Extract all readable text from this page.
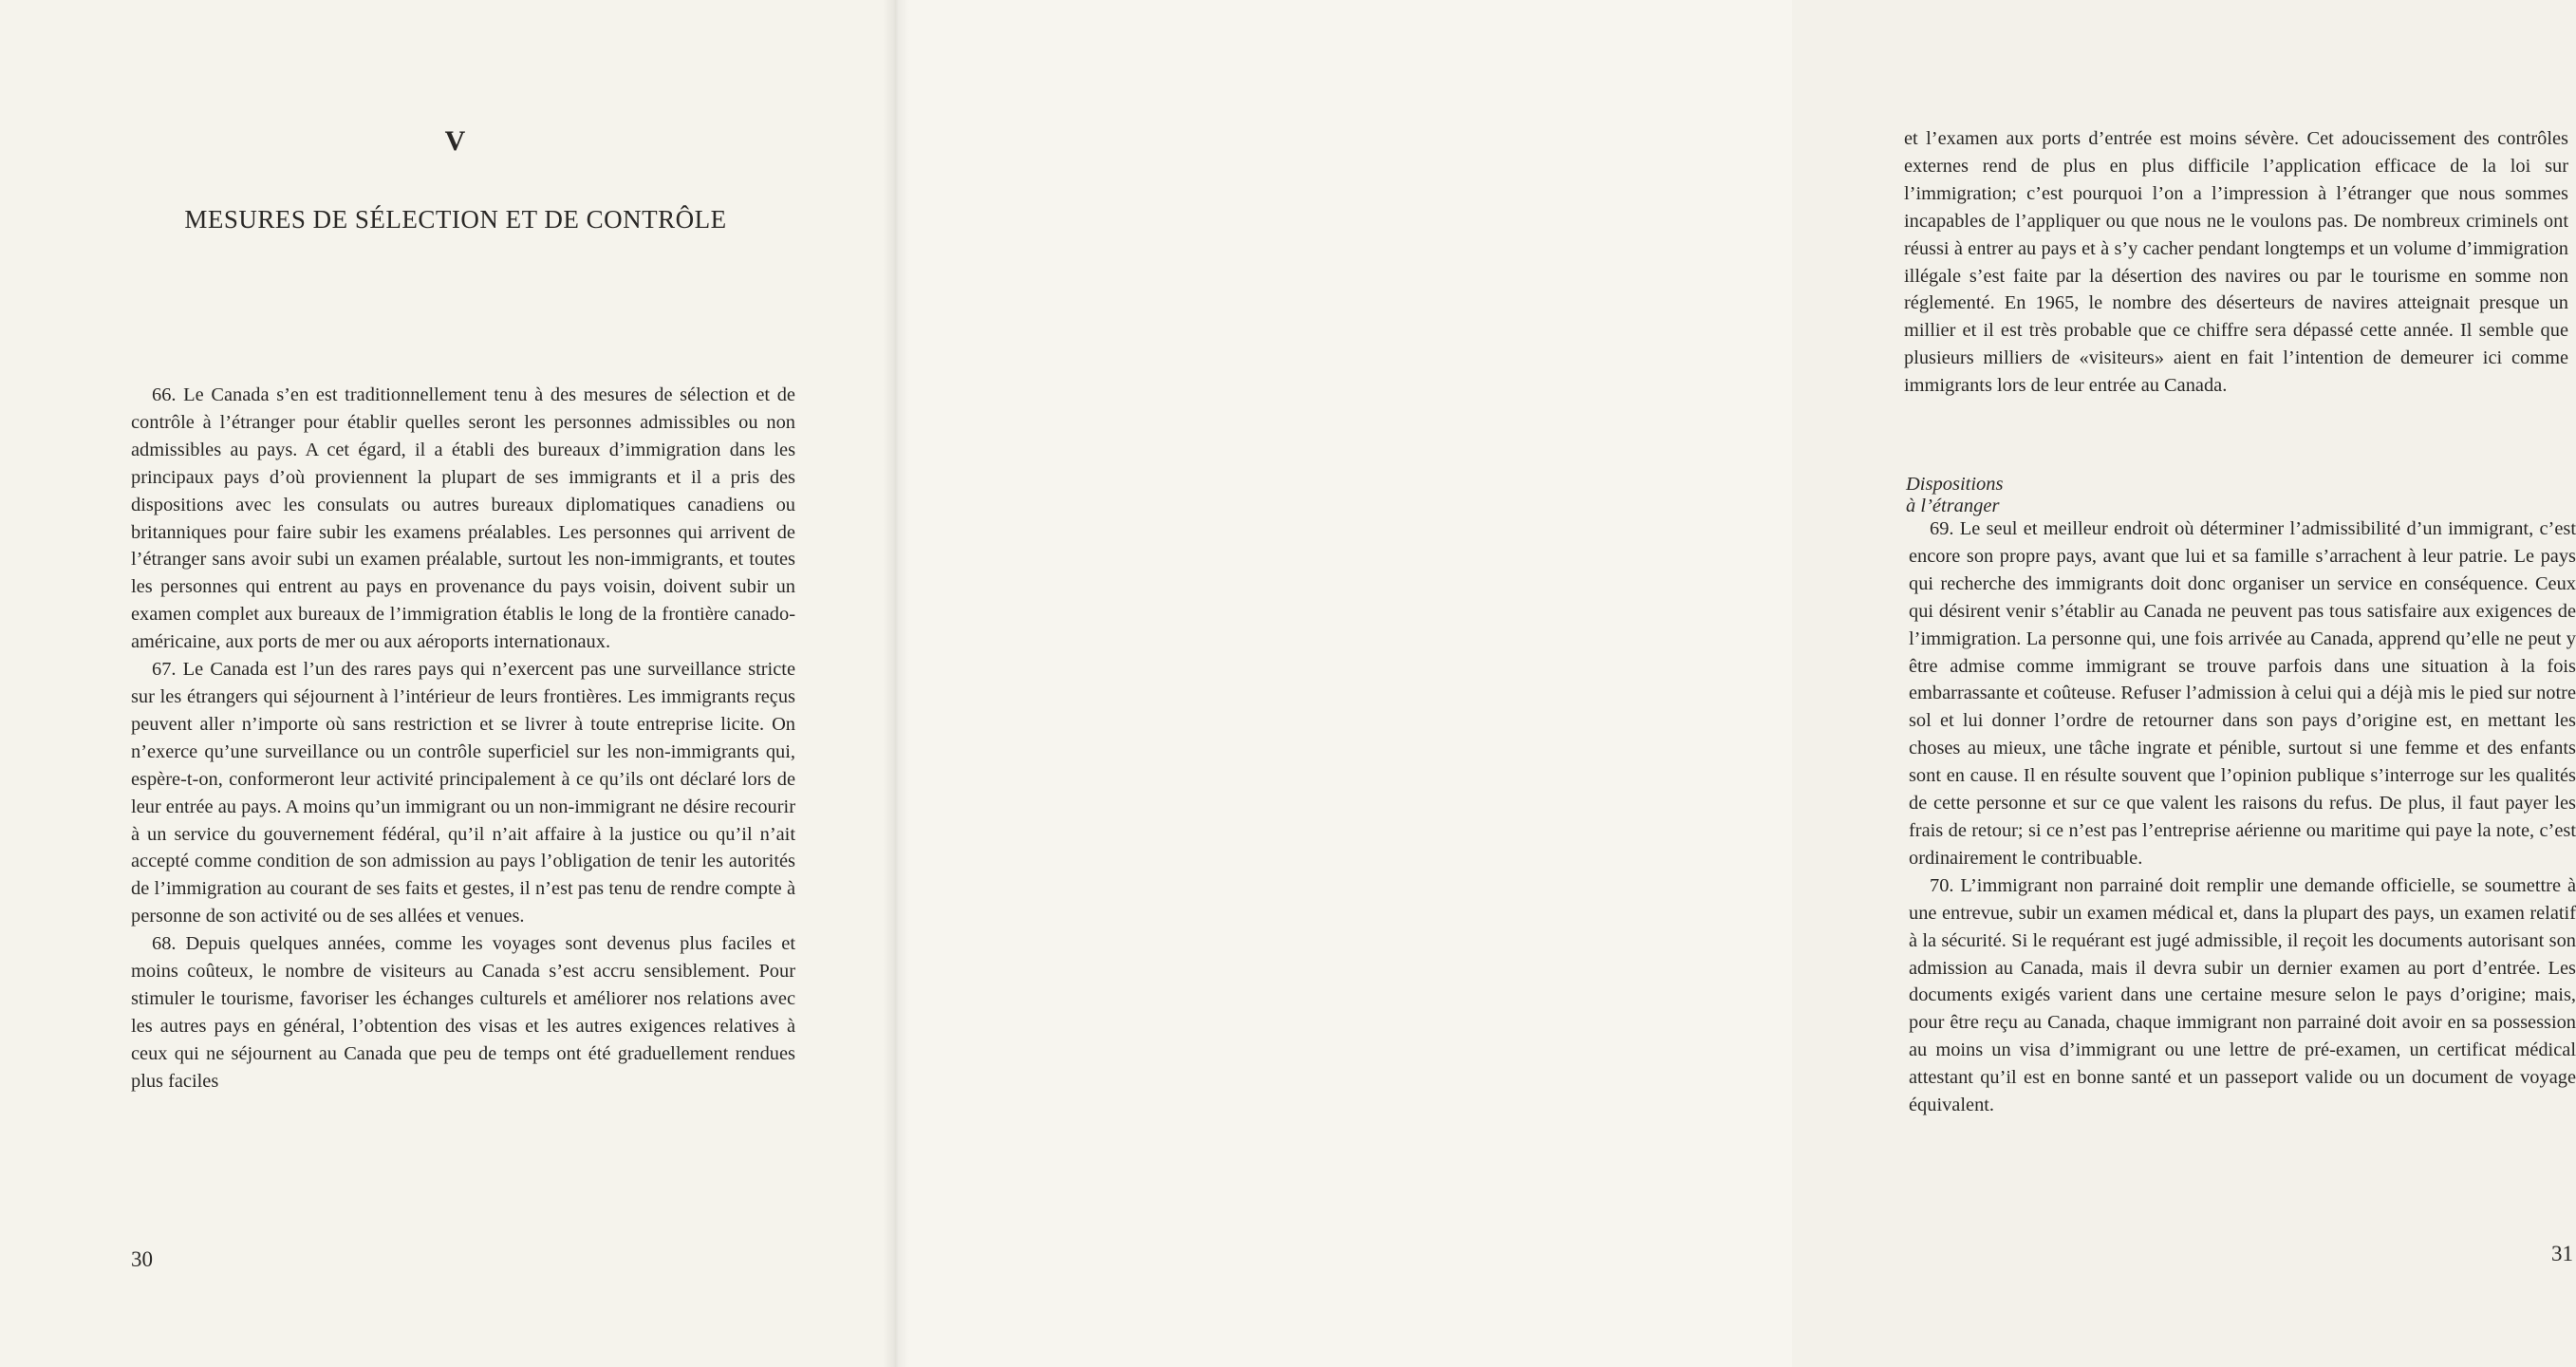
V
MESURES DE SÉLECTION ET DE CONTRÔLE

66. Le Canada s’en est traditionnellement tenu à des mesures de sélection et de contrôle à l’étranger pour établir quelles seront les personnes admissibles ou non admissibles au pays. A cet égard, il a établi des bureaux d’immigration dans les principaux pays d’où proviennent la plupart de ses immigrants et il a pris des dispositions avec les consulats ou autres bureaux diplomatiques canadiens ou britanniques pour faire subir les examens préalables. Les personnes qui arrivent de l’étranger sans avoir subi un examen préalable, surtout les non-immigrants, et toutes les personnes qui entrent au pays en provenance du pays voisin, doivent subir un examen complet aux bureaux de l’immigration établis le long de la frontière canado-américaine, aux ports de mer ou aux aéroports internationaux.

67. Le Canada est l’un des rares pays qui n’exercent pas une surveillance stricte sur les étrangers qui séjournent à l’intérieur de leurs frontières. Les immigrants reçus peuvent aller n’importe où sans restriction et se livrer à toute entreprise licite. On n’exerce qu’une surveillance ou un contrôle superficiel sur les non-immigrants qui, espère-t-on, conformeront leur activité principalement à ce qu’ils ont déclaré lors de leur entrée au pays. A moins qu’un immigrant ou un non-immigrant ne désire recourir à un service du gouvernement fédéral, qu’il n’ait affaire à la justice ou qu’il n’ait accepté comme condition de son admission au pays l’obligation de tenir les autorités de l’immigration au courant de ses faits et gestes, il n’est pas tenu de rendre compte à personne de son activité ou de ses allées et venues.

68. Depuis quelques années, comme les voyages sont devenus plus faciles et moins coûteux, le nombre de visiteurs au Canada s’est accru sensiblement. Pour stimuler le tourisme, favoriser les échanges culturels et améliorer nos relations avec les autres pays en général, l’obtention des visas et les autres exigences relatives à ceux qui ne séjournent au Canada que peu de temps ont été graduellement rendues plus faciles

30

et l’examen aux ports d’entrée est moins sévère. Cet adoucissement des contrôles externes rend de plus en plus difficile l’application efficace de la loi sur l’immigration; c’est pourquoi l’on a l’impression à l’étranger que nous sommes incapables de l’appliquer ou que nous ne le voulons pas. De nombreux criminels ont réussi à entrer au pays et à s’y cacher pendant longtemps et un volume d’immigration illégale s’est faite par la désertion des navires ou par le tourisme en somme non réglementé. En 1965, le nombre des déserteurs de navires atteignait presque un millier et il est très probable que ce chiffre sera dépassé cette année. Il semble que plusieurs milliers de «visiteurs» aient en fait l’intention de demeurer ici comme immigrants lors de leur entrée au Canada.

Dispositions à l’étranger

69. Le seul et meilleur endroit où déterminer l’admissibilité d’un immigrant, c’est encore son propre pays, avant que lui et sa famille s’arrachent à leur patrie. Le pays qui recherche des immigrants doit donc organiser un service en conséquence. Ceux qui désirent venir s’établir au Canada ne peuvent pas tous satisfaire aux exigences de l’immigration. La personne qui, une fois arrivée au Canada, apprend qu’elle ne peut y être admise comme immigrant se trouve parfois dans une situation à la fois embarrassante et coûteuse. Refuser l’admission à celui qui a déjà mis le pied sur notre sol et lui donner l’ordre de retourner dans son pays d’origine est, en mettant les choses au mieux, une tâche ingrate et pénible, surtout si une femme et des enfants sont en cause. Il en résulte souvent que l’opinion publique s’interroge sur les qualités de cette personne et sur ce que valent les raisons du refus. De plus, il faut payer les frais de retour; si ce n’est pas l’entreprise aérienne ou maritime qui paye la note, c’est ordinairement le contribuable.

70. L’immigrant non parrainé doit remplir une demande officielle, se soumettre à une entrevue, subir un examen médical et, dans la plupart des pays, un examen relatif à la sécurité. Si le requérant est jugé admissible, il reçoit les documents autorisant son admission au Canada, mais il devra subir un dernier examen au port d’entrée. Les documents exigés varient dans une certaine mesure selon le pays d’origine; mais, pour être reçu au Canada, chaque immigrant non parrainé doit avoir en sa possession au moins un visa d’immigrant ou une lettre de pré-examen, un certificat médical attestant qu’il est en bonne santé et un passeport valide ou un document de voyage équivalent.

31
